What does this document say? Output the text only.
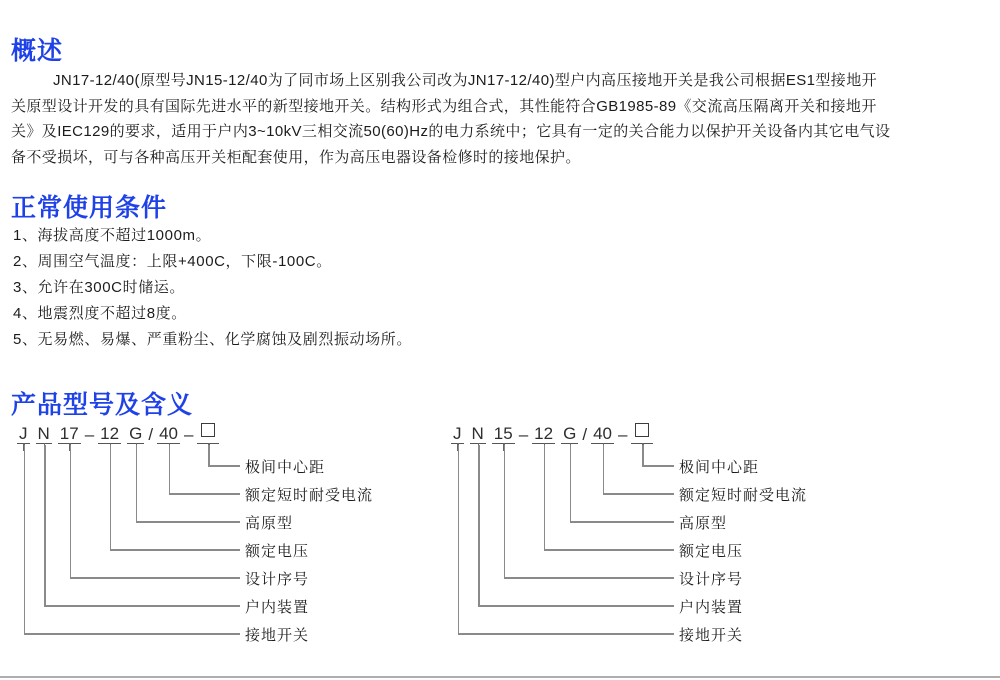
概述
JN17-12/40(原型号JN15-12/40为了同市场上区别我公司改为JN17-12/40)型户内高压接地开关是我公司根据ES1型接地开
关原型设计开发的具有国际先进水平的新型接地开关。结构形式为组合式，其性能符合GB1985-89《交流高压隔离开关和接地开
关》及IEC129的要求，适用于户内3~10kV三相交流50(60)Hz的电力系统中；它具有一定的关合能力以保护开关设备内其它电气设
备不受损坏，可与各种高压开关柜配套使用，作为高压电器设备检修时的接地保护。
正常使用条件
1、海拔高度不超过1000m。
2、周围空气温度：上限+400C，下限-100C。
3、允许在300C时储运。
4、地震烈度不超过8度。
5、无易燃、易爆、严重粉尘、化学腐蚀及剧烈振动场所。
产品型号及含义
J N 17 – 12 G / 40 –
极间中心距
额定短时耐受电流
高原型
额定电压
设计序号
户内装置
接地开关
J N 15 – 12 G / 40 –
极间中心距
额定短时耐受电流
高原型
额定电压
设计序号
户内装置
接地开关
